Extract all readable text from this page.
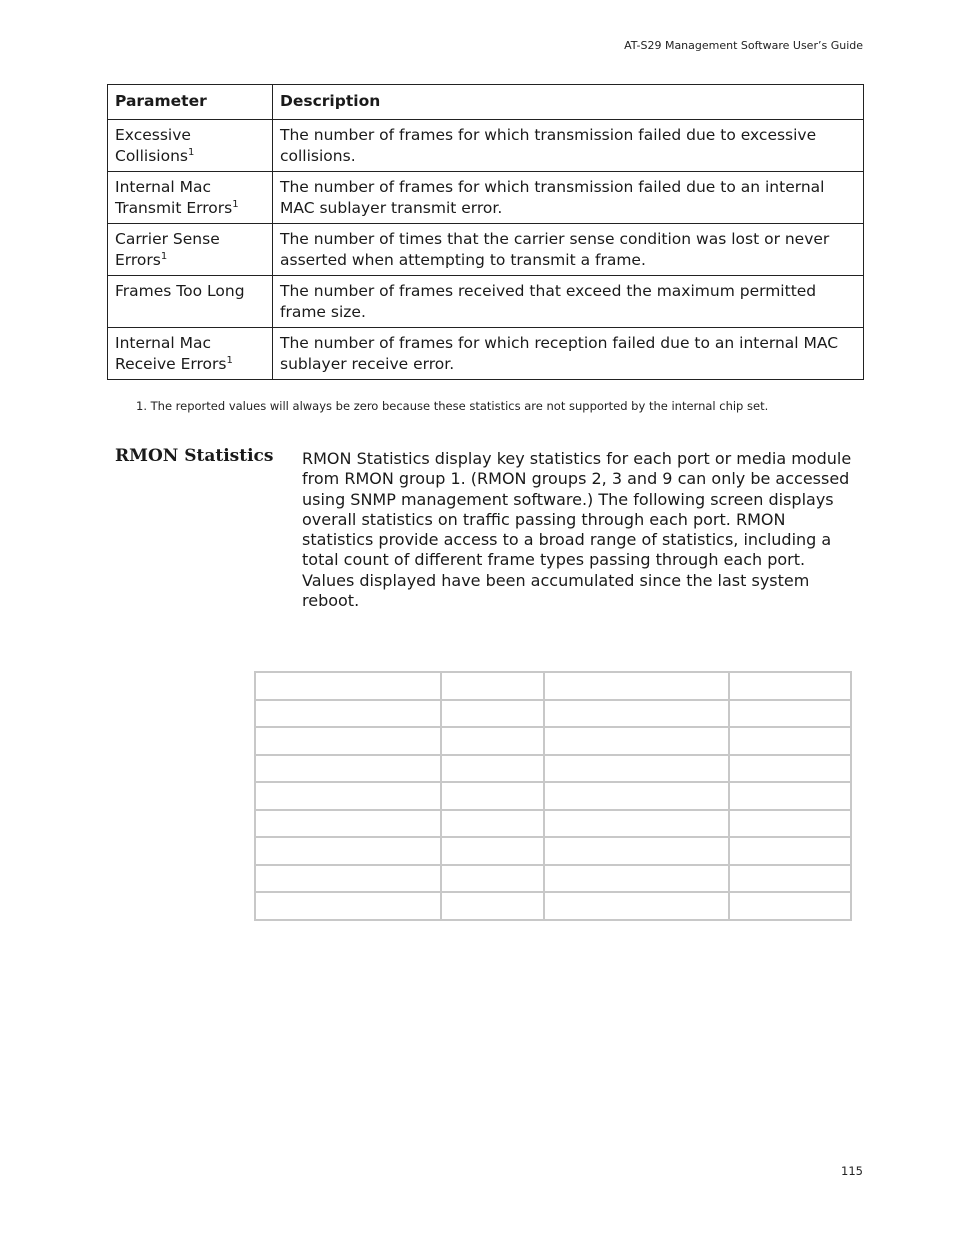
AT-S29 Management Software User’s Guide
Parameter	Description
Excessive Collisions$^1$	The number of frames for which transmission failed due to excessive collisions.
Internal Mac Transmit Errors$^1$	The number of frames for which transmission failed due to an internal MAC sublayer transmit error.
Carrier Sense Errors$^1$	The number of times that the carrier sense condition was lost or never asserted when attempting to transmit a frame.
Frames Too Long	The number of frames received that exceed the maximum permitted frame size.
Internal Mac Receive Errors$^1$	The number of frames for which reception failed due to an internal MAC sublayer receive error.
1. The reported values will always be zero because these statistics are not supported by the internal chip set.
RMON Statistics RMON Statistics display key statistics for each port or media module from RMON group 1. (RMON groups 2, 3 and 9 can only be accessed using SNMP management software.) The following screen displays overall statistics on traffic passing through each port. RMON statistics provide access to a broad range of statistics, including a total count of different frame types passing through each port. Values displayed have been accumulated since the last system reboot.

115
